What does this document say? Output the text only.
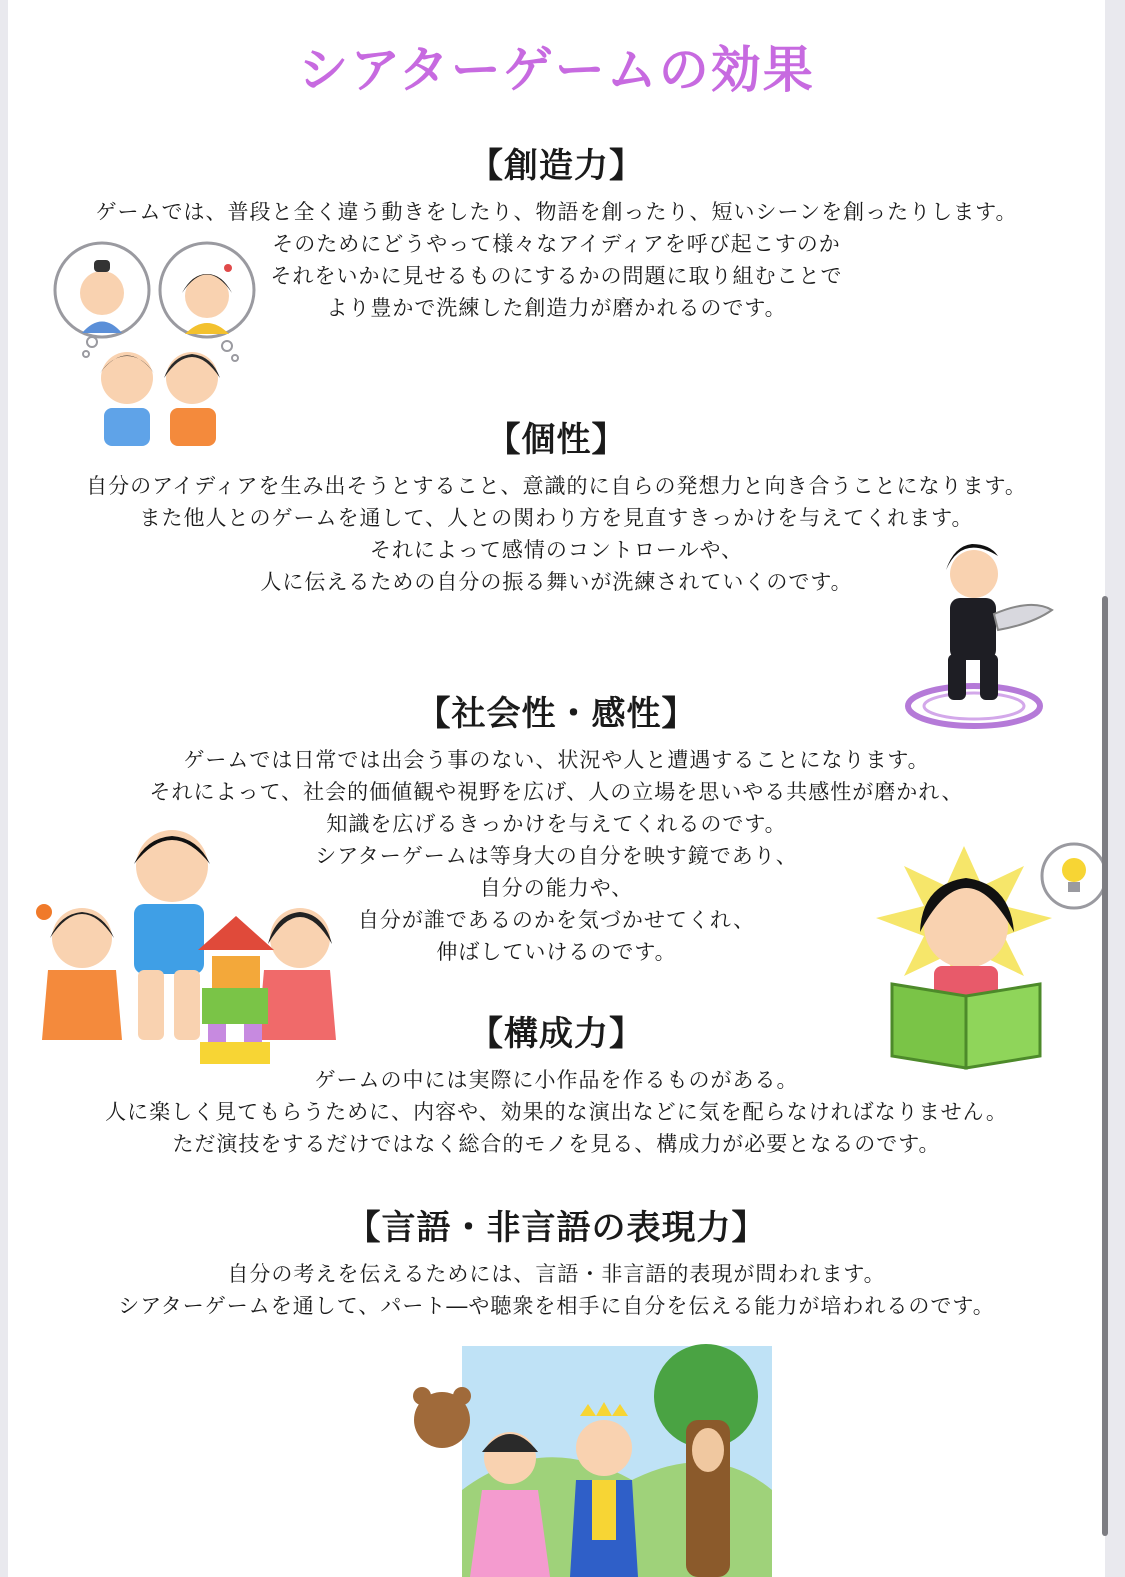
シアターゲームの効果
【創造力】
ゲームでは、普段と全く違う動きをしたり、物語を創ったり、短いシーンを創ったりします。
そのためにどうやって様々なアイディアを呼び起こすのか
それをいかに見せるものにするかの問題に取り組むことで
より豊かで洗練した創造力が磨かれるのです。
【個性】
自分のアイディアを生み出そうとすること、意識的に自らの発想力と向き合うことになります。
また他人とのゲームを通して、人との関わり方を見直すきっかけを与えてくれます。
それによって感情のコントロールや、
人に伝えるための自分の振る舞いが洗練されていくのです。
【社会性・感性】
ゲームでは日常では出会う事のない、状況や人と遭遇することになります。
それによって、社会的価値観や視野を広げ、人の立場を思いやる共感性が磨かれ、
知識を広げるきっかけを与えてくれるのです。
シアターゲームは等身大の自分を映す鏡であり、
自分の能力や、
自分が誰であるのかを気づかせてくれ、
伸ばしていけるのです。
【構成力】
ゲームの中には実際に小作品を作るものがある。
人に楽しく見てもらうために、内容や、効果的な演出などに気を配らなければなりません。
ただ演技をするだけではなく総合的モノを見る、構成力が必要となるのです。
【言語・非言語の表現力】
自分の考えを伝えるためには、言語・非言語的表現が問われます。
シアターゲームを通して、パート―や聴衆を相手に自分を伝える能力が培われるのです。
